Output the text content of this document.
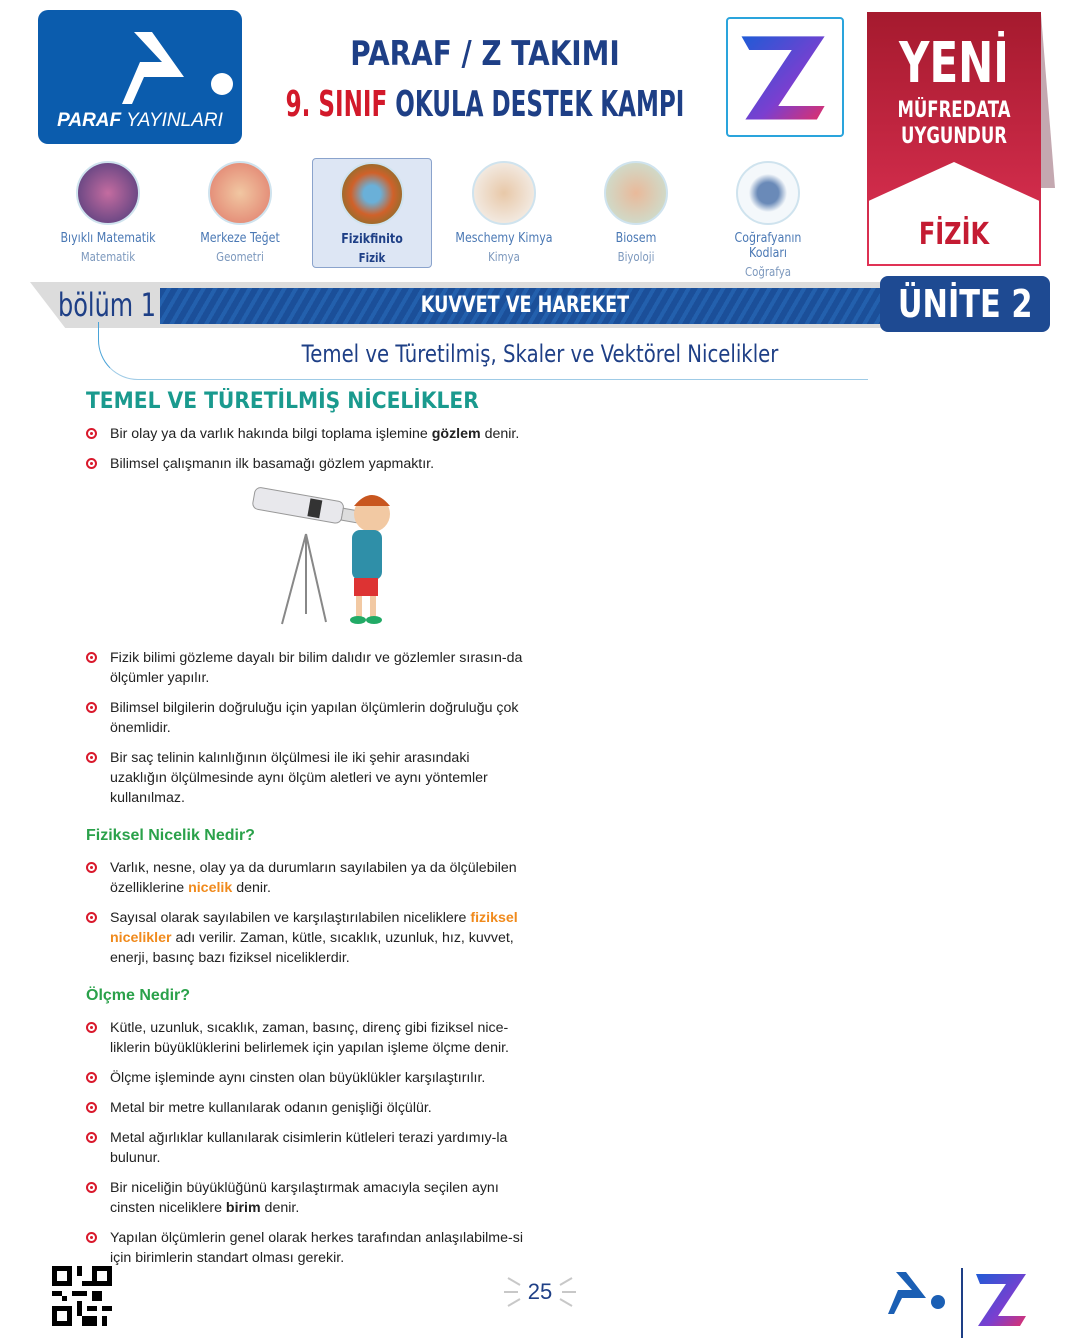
PARAF YAYINLARI
PARAF / Z TAKIMI
9. SINIF OKULA DESTEK KAMPI
YENİ
MÜFREDATA
UYGUNDUR
FİZİK
Bıyıklı Matematik
Matematik
Merkeze Teğet
Geometri
Fizikfinito
Fizik
Meschemy Kimya
Kimya
Biosem
Biyoloji
Coğrafyanın Kodları
Coğrafya
bölüm 1	KUVVET VE HAREKET	ÜNİTE 2
Temel ve Türetilmiş, Skaler ve Vektörel Nicelikler
TEMEL VE TÜRETİLMİŞ NİCELİKLER
Bir olay ya da varlık hakında bilgi toplama işlemine gözlem denir.
Bilimsel çalışmanın ilk basamağı gözlem yapmaktır.
Fizik bilimi gözleme dayalı bir bilim dalıdır ve gözlemler sırasın-da ölçümler yapılır.
Bilimsel bilgilerin doğruluğu için yapılan ölçümlerin doğruluğu çok önemlidir.
Bir saç telinin kalınlığının ölçülmesi ile iki şehir arasındaki uzaklığın ölçülmesinde aynı ölçüm aletleri ve aynı yöntemler kullanılmaz.
Fiziksel Nicelik Nedir?
Varlık, nesne, olay ya da durumların sayılabilen ya da ölçülebilen özelliklerine nicelik denir.
Sayısal olarak sayılabilen ve karşılaştırılabilen niceliklere fiziksel nicelikler adı verilir. Zaman, kütle, sıcaklık, uzunluk, hız, kuvvet, enerji, basınç bazı fiziksel niceliklerdir.
Ölçme Nedir?
Kütle, uzunluk, sıcaklık, zaman, basınç, direnç gibi fiziksel nice-liklerin büyüklüklerini belirlemek için yapılan işleme ölçme denir.
Ölçme işleminde aynı cinsten olan büyüklükler karşılaştırılır.
Metal bir metre kullanılarak odanın genişliği ölçülür.
Metal ağırlıklar kullanılarak cisimlerin kütleleri terazi yardımıy-la bulunur.
Bir niceliğin büyüklüğünü karşılaştırmak amacıyla seçilen aynı cinsten niceliklere birim denir.
Yapılan ölçümlerin genel olarak herkes tarafından anlaşılabilme-si için birimlerin standart olması gerekir.
25
